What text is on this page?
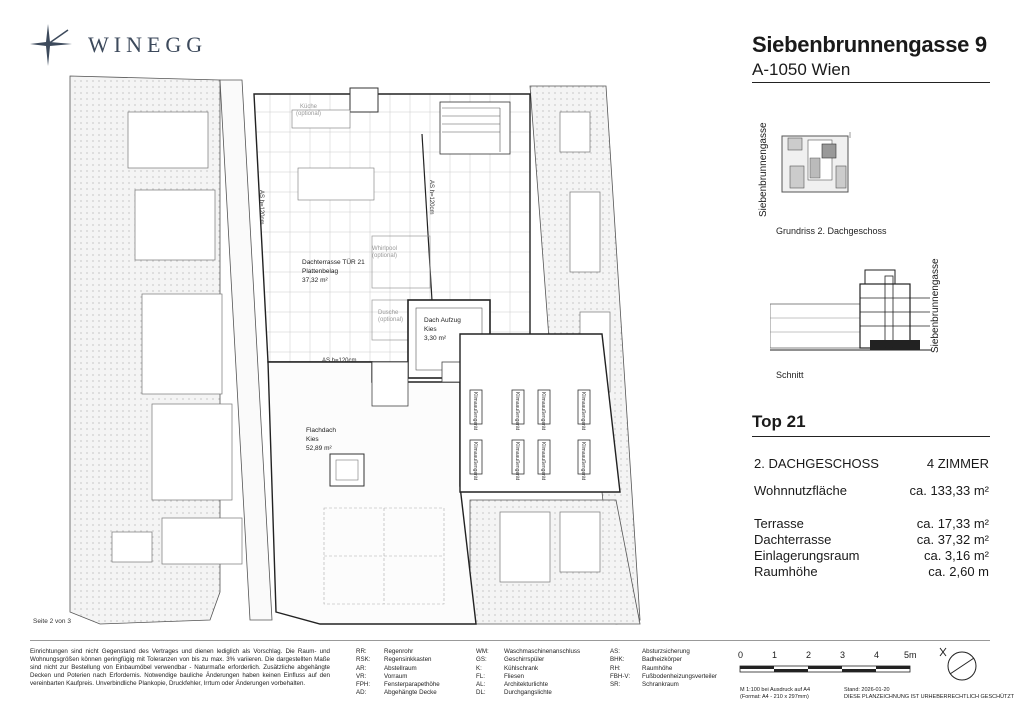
WINEGG	Siebenbrunnengasse 9
A-1050 Wien
Siebenbrunnengasse
Grundriss 2. Dachgeschoss
Siebenbrunnengasse
Schnitt
Top 21
2. DACHGESCHOSS	4 ZIMMER
Wohnnutzfläche	ca. 133,33 m²
Terrasse	ca. 17,33 m²
Dachterrasse	ca. 37,32 m²
Einlagerungsraum	ca. 3,16 m²
Raumhöhe	ca. 2,60 m
Küche
(optional)
Whirlpool
(optional)
Dusche
(optional)
AS h=120cm	AS h=120cm
AS h=120cm
Dachterrasse TÜR 21
Plattenbelag
37,32 m²
Dach Aufzug
Kies
3,30 m²
Flachdach
Kies
52,89 m²
Klimaaußengerät	Klimaaußengerät	Klimaaußengerät	Klimaaußengerät
Klimaaußengerät	Klimaaußengerät	Klimaaußengerät	Klimaaußengerät
Seite 2 von 3
Einrichtungen sind nicht Gegenstand des Vertrages und dienen lediglich als Vorschlag. Die Raum- und Wohnungsgrößen können geringfügig mit Toleranzen von bis zu max. 3% variieren. Die dargestellten Maße sind nicht zur Bestellung von Einbaumöbel verwendbar - Naturmaße erforderlich. Zusätzliche abgehängte Decken und Poterien nach Erfordernis. Notwendige bauliche Änderungen haben keinen Einfluss auf den vereinbarten Kaufpreis. Unverbindliche Plankopie, Druckfehler, Irrtum oder Änderungen vorbehalten.
RR:	Regenrohr
RSK:	Regensinkkasten
AR:	Abstellraum
VR:	Vorraum
FPH:	Fensterparapethöhe
AD:	Abgehängte Decke
WM:	Waschmaschinenanschluss
GS:	Geschirrspüler
K:	Kühlschrank
FL:	Fliesen
AL:	Architekturlichte
DL:	Durchgangslichte
AS:	Absturzsicherung
BHK:	Badheizkörper
RH:	Raumhöhe
FBH-V:	Fußbodenheizungsverteiler
SR:	Schrankraum
0	1	2	3	4	5m
M 1:100 bei Ausdruck auf A4
(Format: A4 - 210 x 297mm)
Stand: 2026-01-20
DIESE PLANZEICHNUNG IST URHEBERRECHTLICH GESCHÜTZT
